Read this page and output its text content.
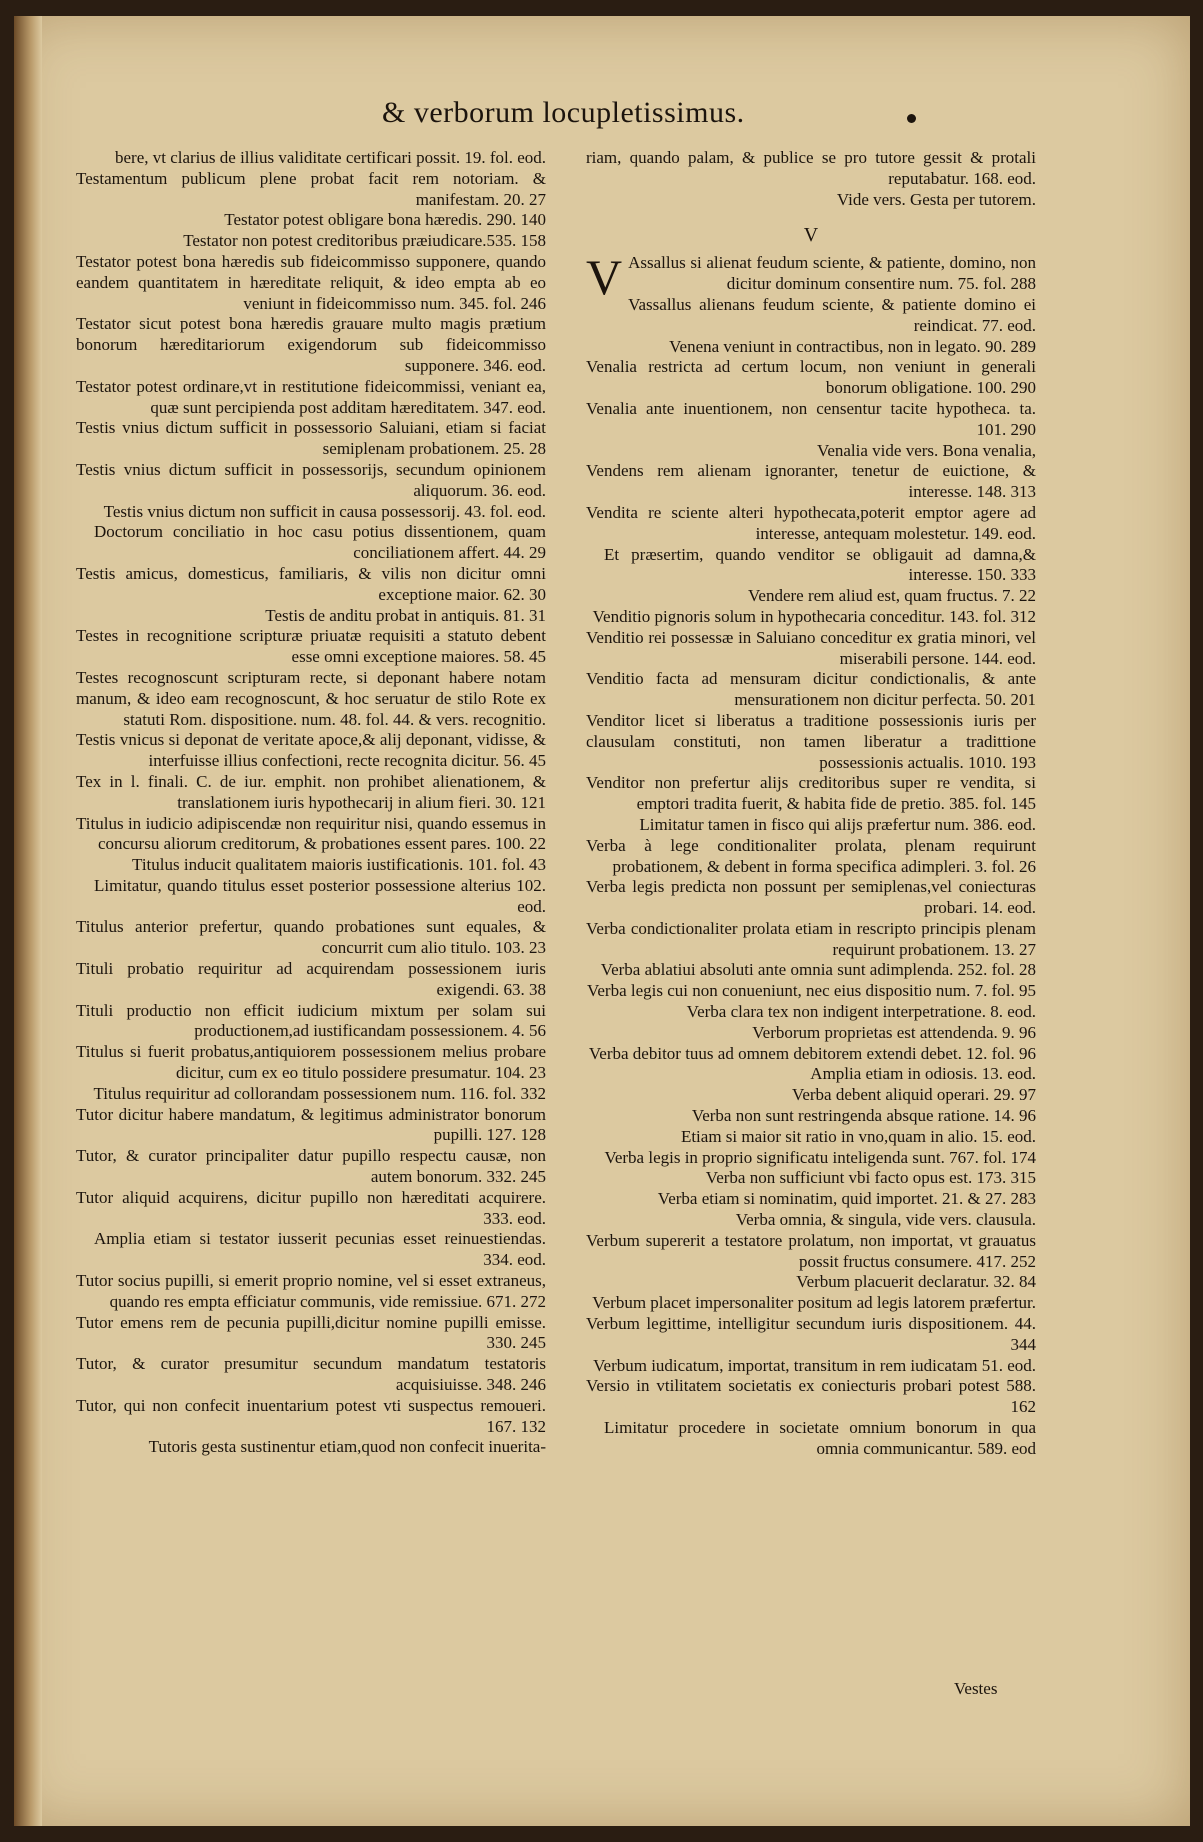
& verborum locupletissimus.
bere, vt clarius de illius validitate certificari possit. 19. fol. eod.
Testamentum publicum plene probat facit rem notoriam. & manifestam. 20. 27
Testator potest obligare bona hæredis. 290. 140
Testator non potest creditoribus præiudicare.535. 158
Testator potest bona hæredis sub fideicommisso supponere, quando eandem quantitatem in hæreditate reliquit, & ideo empta ab eo veniunt in fideicommisso num. 345. fol. 246
Testator sicut potest bona hæredis grauare multo magis prætium bonorum hæreditariorum exigendorum sub fideicommisso supponere. 346. eod.
Testator potest ordinare,vt in restitutione fideicommissi, veniant ea, quæ sunt percipienda post additam hæreditatem. 347. eod.
Testis vnius dictum sufficit in possessorio Saluiani, etiam si faciat semiplenam probationem. 25. 28
Testis vnius dictum sufficit in possessorijs, secundum opinionem aliquorum. 36. eod.
Testis vnius dictum non sufficit in causa possessorij. 43. fol. eod.
Doctorum conciliatio in hoc casu potius dissentionem, quam conciliationem affert. 44. 29
Testis amicus, domesticus, familiaris, & vilis non dicitur omni exceptione maior. 62. 30
Testis de anditu probat in antiquis. 81. 31
Testes in recognitione scripturæ priuatæ requisiti a statuto debent esse omni exceptione maiores. 58. 45
Testes recognoscunt scripturam recte, si deponant habere notam manum, & ideo eam recognoscunt, & hoc seruatur de stilo Rote ex statuti Rom. dispositione. num. 48. fol. 44. & vers. recognitio.
Testis vnicus si deponat de veritate apoce,& alij deponant, vidisse, & interfuisse illius confectioni, recte recognita dicitur. 56. 45
Tex in l. finali. C. de iur. emphit. non prohibet alienationem, & translationem iuris hypothecarij in alium fieri. 30. 121
Titulus in iudicio adipiscendæ non requiritur nisi, quando essemus in concursu aliorum creditorum, & probationes essent pares. 100. 22
Titulus inducit qualitatem maioris iustificationis. 101. fol. 43
Limitatur, quando titulus esset posterior possessione alterius 102. eod.
Titulus anterior prefertur, quando probationes sunt equales, & concurrit cum alio titulo. 103. 23
Tituli probatio requiritur ad acquirendam possessionem iuris exigendi. 63. 38
Tituli productio non efficit iudicium mixtum per solam sui productionem,ad iustificandam possessionem. 4. 56
Titulus si fuerit probatus,antiquiorem possessionem melius probare dicitur, cum ex eo titulo possidere presumatur. 104. 23
Titulus requiritur ad collorandam possessionem num. 116. fol. 332
Tutor dicitur habere mandatum, & legitimus administrator bonorum pupilli. 127. 128
Tutor, & curator principaliter datur pupillo respectu causæ, non autem bonorum. 332. 245
Tutor aliquid acquirens, dicitur pupillo non hæreditati acquirere. 333. eod.
Amplia etiam si testator iusserit pecunias esset reinuestiendas. 334. eod.
Tutor socius pupilli, si emerit proprio nomine, vel si esset extraneus, quando res empta efficiatur communis, vide remissiue. 671. 272
Tutor emens rem de pecunia pupilli,dicitur nomine pupilli emisse. 330. 245
Tutor, & curator presumitur secundum mandatum testatoris acquisiuisse. 348. 246
Tutor, qui non confecit inuentarium potest vti suspectus remoueri. 167. 132
Tutoris gesta sustinentur etiam,quod non confecit inuerita-
riam, quando palam, & publice se pro tutore gessit & protali reputabatur. 168. eod.
Vide vers. Gesta per tutorem.
V
V Assallus si alienat feudum sciente, & patiente, domino, non dicitur dominum consentire num. 75. fol. 288
Vassallus alienans feudum sciente, & patiente domino ei reindicat. 77. eod.
Venena veniunt in contractibus, non in legato. 90. 289
Venalia restricta ad certum locum, non veniunt in generali bonorum obligatione. 100. 290
Venalia ante inuentionem, non censentur tacite hypotheca. ta. 101. 290
Venalia vide vers. Bona venalia,
Vendens rem alienam ignoranter, tenetur de euictione, & interesse. 148. 313
Vendita re sciente alteri hypothecata,poterit emptor agere ad interesse, antequam molestetur. 149. eod.
Et præsertim, quando venditor se obligauit ad damna,& interesse. 150. 333
Vendere rem aliud est, quam fructus. 7. 22
Venditio pignoris solum in hypothecaria conceditur. 143. fol. 312
Venditio rei possessæ in Saluiano conceditur ex gratia minori, vel miserabili persone. 144. eod.
Venditio facta ad mensuram dicitur condictionalis, & ante mensurationem non dicitur perfecta. 50. 201
Venditor licet si liberatus a traditione possessionis iuris per clausulam constituti, non tamen liberatur a tradittione possessionis actualis. 1010. 193
Venditor non prefertur alijs creditoribus super re vendita, si emptori tradita fuerit, & habita fide de pretio. 385. fol. 145
Limitatur tamen in fisco qui alijs præfertur num. 386. eod.
Verba à lege conditionaliter prolata, plenam requirunt probationem, & debent in forma specifica adimpleri. 3. fol. 26
Verba legis predicta non possunt per semiplenas,vel coniecturas probari. 14. eod.
Verba condictionaliter prolata etiam in rescripto principis plenam requirunt probationem. 13. 27
Verba ablatiui absoluti ante omnia sunt adimplenda. 252. fol. 28
Verba legis cui non conueniunt, nec eius dispositio num. 7. fol. 95
Verba clara tex non indigent interpetratione. 8. eod.
Verborum proprietas est attendenda. 9. 96
Verba debitor tuus ad omnem debitorem extendi debet. 12. fol. 96
Amplia etiam in odiosis. 13. eod.
Verba debent aliquid operari. 29. 97
Verba non sunt restringenda absque ratione. 14. 96
Etiam si maior sit ratio in vno,quam in alio. 15. eod.
Verba legis in proprio significatu inteligenda sunt. 767. fol. 174
Verba non sufficiunt vbi facto opus est. 173. 315
Verba etiam si nominatim, quid importet. 21. & 27. 283
Verba omnia, & singula, vide vers. clausula.
Verbum supererit a testatore prolatum, non importat, vt grauatus possit fructus consumere. 417. 252
Verbum placuerit declaratur. 32. 84
Verbum placet impersonaliter positum ad legis latorem præfertur.
Verbum legittime, intelligitur secundum iuris dispositionem. 44. 344
Verbum iudicatum, importat, transitum in rem iudicatam 51. eod.
Versio in vtilitatem societatis ex coniecturis probari potest 588. 162
Limitatur procedere in societate omnium bonorum in qua omnia communicantur. 589. eod
Vestes
